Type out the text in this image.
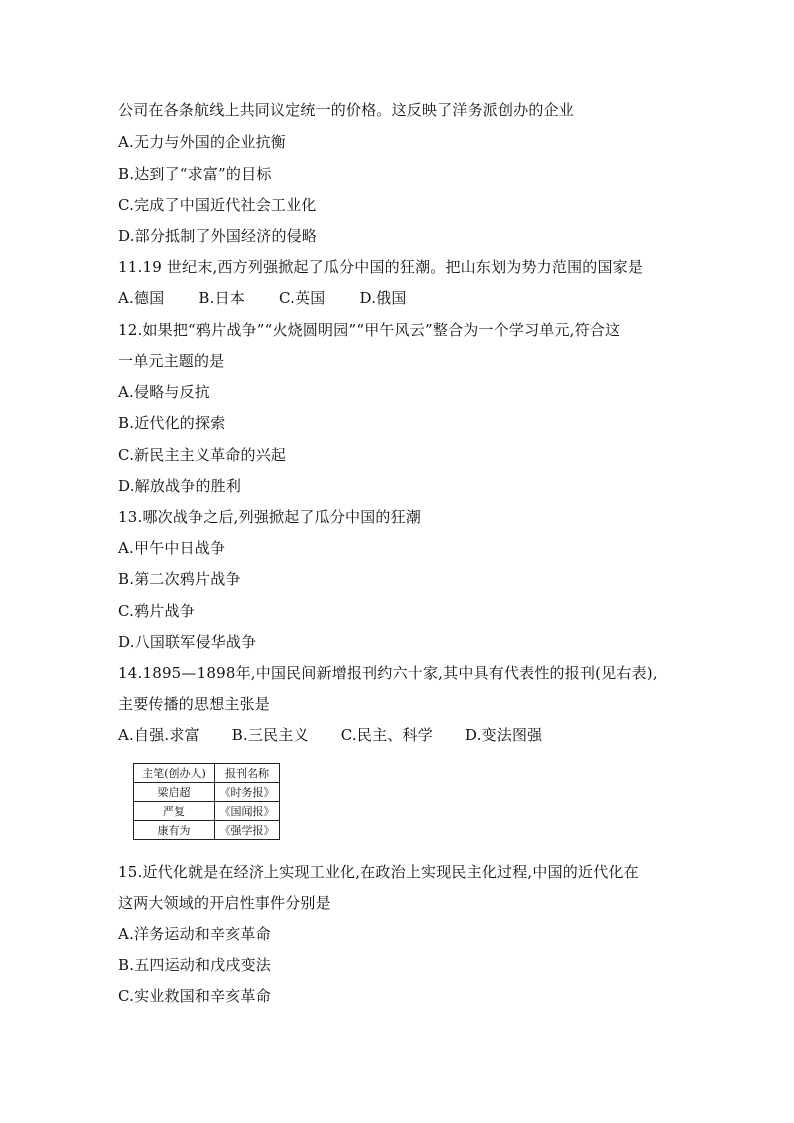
公司在各条航线上共同议定统一的价格。这反映了洋务派创办的企业
A.无力与外国的企业抗衡
B.达到了“求富”的目标
C.完成了中国近代社会工业化
D.部分抵制了外国经济的侵略
11.19 世纪末,西方列强掀起了瓜分中国的狂潮。把山东划为势力范围的国家是
A.德国 B.日本 C.英国 D.俄国
12.如果把“鸦片战争”“火烧圆明园”“甲午风云”整合为一个学习单元,符合这
一单元主题的是
A.侵略与反抗
B.近代化的探索
C.新民主主义革命的兴起
D.解放战争的胜利
13.哪次战争之后,列强掀起了瓜分中国的狂潮
A.甲午中日战争
B.第二次鸦片战争
C.鸦片战争
D.八国联军侵华战争
14.1895—1898年,中国民间新增报刊约六十家,其中具有代表性的报刊(见右表),
主要传播的思想主张是
A.自强.求富 B.三民主义 C.民主、科学 D.变法图强
主笔(创办人)	报刊名称
梁启超	《时务报》
严复	《国闻报》
康有为	《强学报》
15.近代化就是在经济上实现工业化,在政治上实现民主化过程,中国的近代化在
这两大领域的开启性事件分别是
A.洋务运动和辛亥革命
B.五四运动和戊戌变法
C.实业救国和辛亥革命
